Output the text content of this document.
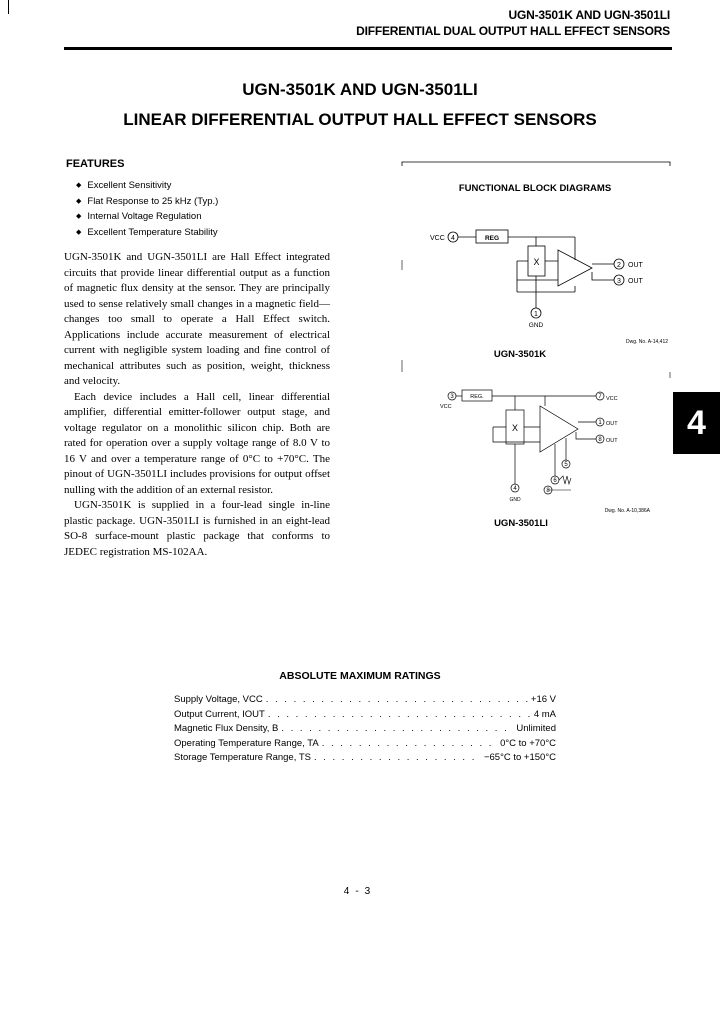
UGN-3501K AND UGN-3501LI
DIFFERENTIAL DUAL OUTPUT HALL EFFECT SENSORS
UGN-3501K AND UGN-3501LI
LINEAR DIFFERENTIAL OUTPUT HALL EFFECT SENSORS
FEATURES
◆ Excellent Sensitivity
◆ Flat Response to 25 kHz (Typ.)
◆ Internal Voltage Regulation
◆ Excellent Temperature Stability

UGN-3501K and UGN-3501LI are Hall Effect integrated circuits that provide linear differential output as a function of magnetic flux density at the sensor. They are principally used to sense relatively small changes in a magnetic field—changes too small to operate a Hall Effect switch. Applications include accurate measurement of electrical current with negligible system loading and fine control of mechanical attributes such as position, weight, thickness and velocity.

Each device includes a Hall cell, linear differential amplifier, differential emitter-follower output stage, and voltage regulator on a monolithic silicon chip. Both are rated for operation over a supply voltage range of 8.0 V to 16 V and over a temperature range of 0°C to +70°C. The pinout of UGN-3501LI includes provisions for output offset nulling with the addition of an external resistor.

UGN-3501K is supplied in a four-lead single in-line plastic package. UGN-3501LI is furnished in an eight-lead SO-8 surface-mount plastic package that conforms to JEDEC registration MS-102AA.

FUNCTIONAL BLOCK DIAGRAMS
VCC 4	REG
X	2 OUT
3 OUT
1
GND
Dwg. No. A-14,412
UGN-3501K
VCC
3	REG.	7 VCC
X	1 OUT
8 OUT
5
6
8
4
GND
Dwg. No. A-10,386A
UGN-3501LI
4
ABSOLUTE MAXIMUM RATINGS
Supply Voltage, VCC . . .	+16 V
Output Current, IOUT . . .	4 mA
Magnetic Flux Density, B . . .	Unlimited
Operating Temperature Range, TA . . .	0°C to +70°C
Storage Temperature Range, TS . . .	−65°C to +150°C
4-3
